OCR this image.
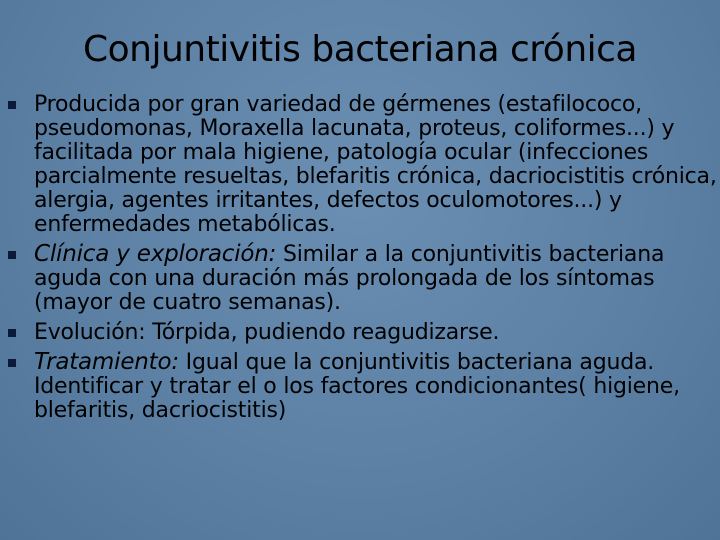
Conjuntivitis bacteriana crónica
Producida por gran variedad de gérmenes (estafilococo, pseudomonas, Moraxella lacunata, proteus, coliformes...) y facilitada por mala higiene, patología ocular (infecciones parcialmente resueltas, blefaritis crónica, dacriocistitis crónica, alergia, agentes irritantes, defectos oculomotores...) y enfermedades metabólicas.
Clínica y exploración: Similar a la conjuntivitis bacteriana aguda con una duración más prolongada de los síntomas (mayor de cuatro semanas).
Evolución: Tórpida, pudiendo reagudizarse.
Tratamiento: Igual que la conjuntivitis bacteriana aguda. Identificar y tratar el o los factores condicionantes( higiene, blefaritis, dacriocistitis)
